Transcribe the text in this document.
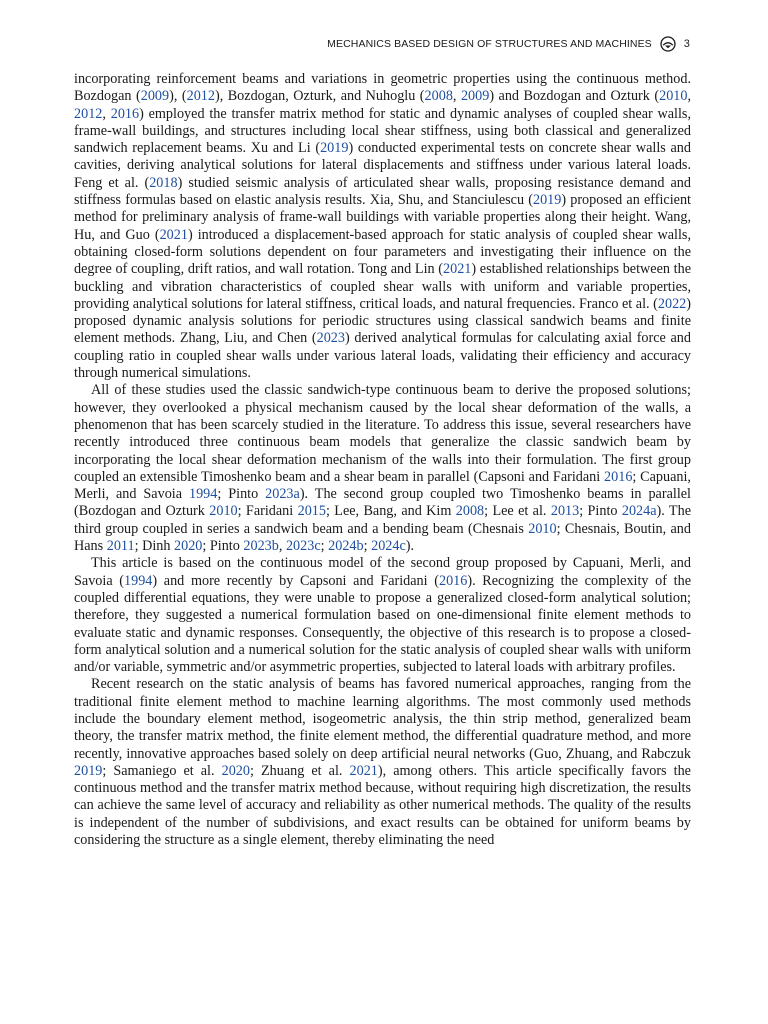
MECHANICS BASED DESIGN OF STRUCTURES AND MACHINES	3

incorporating reinforcement beams and variations in geometric properties using the continuous method. Bozdogan (2009), (2012), Bozdogan, Ozturk, and Nuhoglu (2008, 2009) and Bozdogan and Ozturk (2010, 2012, 2016) employed the transfer matrix method for static and dynamic analyses of coupled shear walls, frame-wall buildings, and structures including local shear stiffness, using both classical and generalized sandwich replacement beams. Xu and Li (2019) conducted experimental tests on concrete shear walls and cavities, deriving analytical solutions for lateral displacements and stiffness under various lateral loads. Feng et al. (2018) studied seismic analysis of articulated shear walls, proposing resistance demand and stiffness formulas based on elastic analysis results. Xia, Shu, and Stanciulescu (2019) proposed an efficient method for preliminary analysis of frame-wall buildings with variable properties along their height. Wang, Hu, and Guo (2021) introduced a displacement-based approach for static analysis of coupled shear walls, obtaining closed-form solutions dependent on four parameters and investigating their influence on the degree of coupling, drift ratios, and wall rotation. Tong and Lin (2021) established relationships between the buckling and vibration characteristics of coupled shear walls with uniform and variable properties, providing analytical solutions for lateral stiffness, critical loads, and natural frequencies. Franco et al. (2022) proposed dynamic analysis solutions for periodic structures using classical sandwich beams and finite element methods. Zhang, Liu, and Chen (2023) derived analytical formulas for calculating axial force and coupling ratio in coupled shear walls under various lateral loads, validating their efficiency and accuracy through numerical simulations.

All of these studies used the classic sandwich-type continuous beam to derive the proposed solutions; however, they overlooked a physical mechanism caused by the local shear deformation of the walls, a phenomenon that has been scarcely studied in the literature. To address this issue, several researchers have recently introduced three continuous beam models that generalize the classic sandwich beam by incorporating the local shear deformation mechanism of the walls into their formulation. The first group coupled an extensible Timoshenko beam and a shear beam in parallel (Capsoni and Faridani 2016; Capuani, Merli, and Savoia 1994; Pinto 2023a). The second group coupled two Timoshenko beams in parallel (Bozdogan and Ozturk 2010; Faridani 2015; Lee, Bang, and Kim 2008; Lee et al. 2013; Pinto 2024a). The third group coupled in series a sandwich beam and a bending beam (Chesnais 2010; Chesnais, Boutin, and Hans 2011; Dinh 2020; Pinto 2023b, 2023c; 2024b; 2024c).

This article is based on the continuous model of the second group proposed by Capuani, Merli, and Savoia (1994) and more recently by Capsoni and Faridani (2016). Recognizing the complexity of the coupled differential equations, they were unable to propose a generalized closed-form analytical solution; therefore, they suggested a numerical formulation based on one-dimensional finite element methods to evaluate static and dynamic responses. Consequently, the objective of this research is to propose a closed-form analytical solution and a numerical solution for the static analysis of coupled shear walls with uniform and/or variable, symmetric and/or asymmetric properties, subjected to lateral loads with arbitrary profiles.

Recent research on the static analysis of beams has favored numerical approaches, ranging from the traditional finite element method to machine learning algorithms. The most commonly used methods include the boundary element method, isogeometric analysis, the thin strip method, generalized beam theory, the transfer matrix method, the finite element method, the differential quadrature method, and more recently, innovative approaches based solely on deep artificial neural networks (Guo, Zhuang, and Rabczuk 2019; Samaniego et al. 2020; Zhuang et al. 2021), among others. This article specifically favors the continuous method and the transfer matrix method because, without requiring high discretization, the results can achieve the same level of accuracy and reliability as other numerical methods. The quality of the results is independent of the number of subdivisions, and exact results can be obtained for uniform beams by considering the structure as a single element, thereby eliminating the need
